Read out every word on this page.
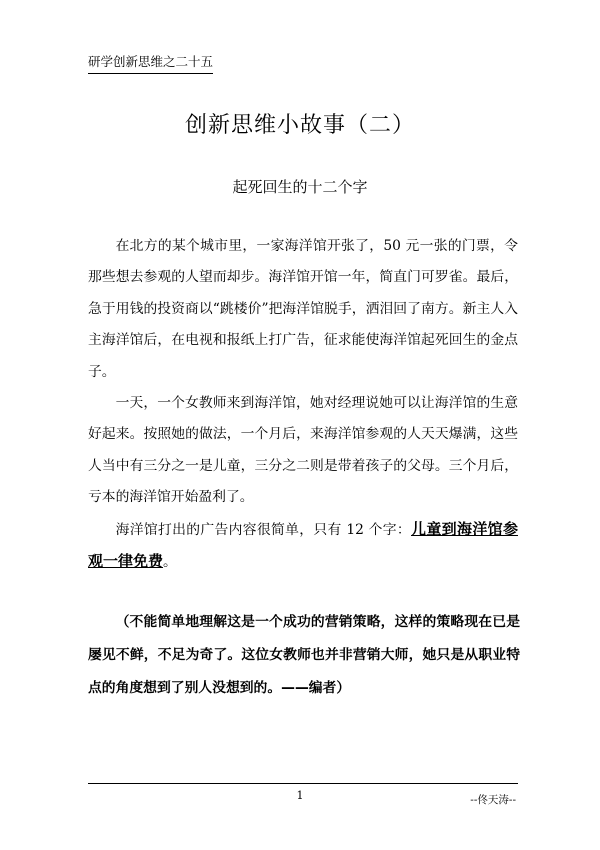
研学创新思维之二十五
创新思维小故事（二）
起死回生的十二个字

在北方的某个城市里，一家海洋馆开张了，50 元一张的门票，令那些想去参观的人望而却步。海洋馆开馆一年，简直门可罗雀。最后，急于用钱的投资商以“跳楼价”把海洋馆脱手，洒泪回了南方。新主人入主海洋馆后，在电视和报纸上打广告，征求能使海洋馆起死回生的金点子。

一天，一个女教师来到海洋馆，她对经理说她可以让海洋馆的生意好起来。按照她的做法，一个月后，来海洋馆参观的人天天爆满，这些人当中有三分之一是儿童，三分之二则是带着孩子的父母。三个月后，亏本的海洋馆开始盈利了。

海洋馆打出的广告内容很简单，只有 12 个字：儿童到海洋馆参观一律免费。

（不能简单地理解这是一个成功的营销策略，这样的策略现在已是屡见不鲜，不足为奇了。这位女教师也并非营销大师，她只是从职业特点的角度想到了别人没想到的。——编者）

1	--佟天涛--
